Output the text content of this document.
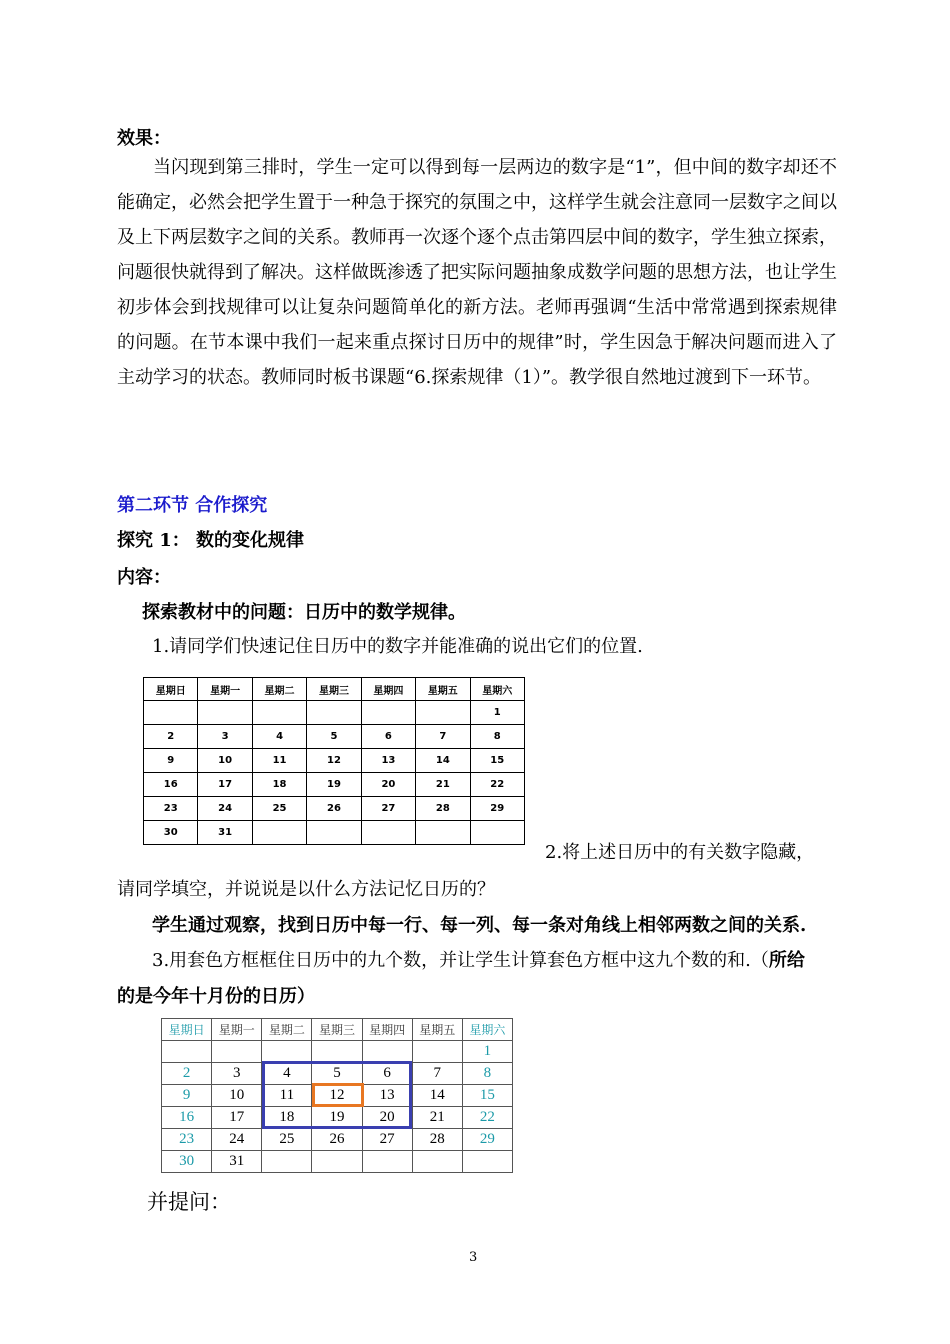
效果：
当闪现到第三排时，学生一定可以得到每一层两边的数字是“1”，但中间的数字却还不能确定，必然会把学生置于一种急于探究的氛围之中，这样学生就会注意同一层数字之间以及上下两层数字之间的关系。教师再一次逐个逐个点击第四层中间的数字，学生独立探索，问题很快就得到了解决。这样做既渗透了把实际问题抽象成数学问题的思想方法，也让学生初步体会到找规律可以让复杂问题简单化的新方法。老师再强调“生活中常常遇到探索规律的问题。在节本课中我们一起来重点探讨日历中的规律”时，学生因急于解决问题而进入了主动学习的状态。教师同时板书课题“6.探索规律（1）”。教学很自然地过渡到下一环节。
第二环节 合作探究
探究 1： 数的变化规律
内容：
探索教材中的问题：日历中的数学规律。
1.请同学们快速记住日历中的数字并能准确的说出它们的位置.
星期日	星期一	星期二	星期三	星期四	星期五	星期六
						1
2	3	4	5	6	7	8
9	10	11	12	13	14	15
16	17	18	19	20	21	22
23	24	25	26	27	28	29
30	31					
2.将上述日历中的有关数字隐藏，
请同学填空，并说说是以什么方法记忆日历的？
学生通过观察，找到日历中每一行、每一列、每一条对角线上相邻两数之间的关系.
3.用套色方框框住日历中的九个数，并让学生计算套色方框中这九个数的和.（所给
的是今年十月份的日历）
星期日	星期一	星期二	星期三	星期四	星期五	星期六
						1
2	3	4	5	6	7	8
9	10	11	12	13	14	15
16	17	18	19	20	21	22
23	24	25	26	27	28	29
30	31					
并提问：
3
